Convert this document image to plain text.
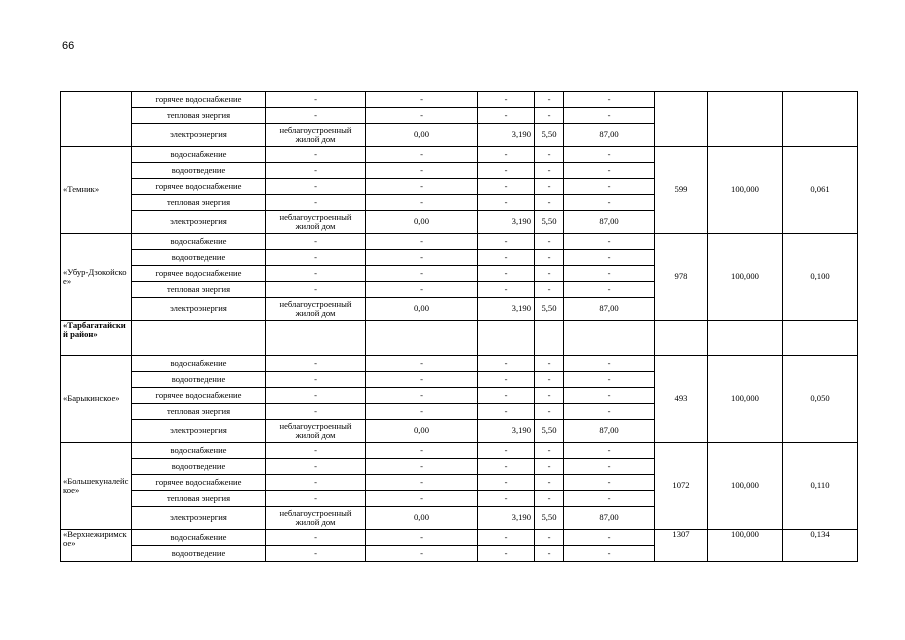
66
	горячее водоснабжение	-	-	-	-	-			
	тепловая энергия	-	-	-	-	-			
	электроэнергия	неблагоустроенный жилой дом	0,00	3,190	5,50	87,00			
«Темник»	водоснабжение	-	-	-	-	-	599	100,000	0,061
	водоотведение	-	-	-	-	-			
	горячее водоснабжение	-	-	-	-	-			
	тепловая энергия	-	-	-	-	-			
	электроэнергия	неблагоустроенный жилой дом	0,00	3,190	5,50	87,00			
«Убур-Дзокойское»	водоснабжение	-	-	-	-	-	978	100,000	0,100
	водоотведение	-	-	-	-	-			
	горячее водоснабжение	-	-	-	-	-			
	тепловая энергия	-	-	-	-	-			
	электроэнергия	неблагоустроенный жилой дом	0,00	3,190	5,50	87,00			
«Тарбагатайский район»									
«Барыкинское»	водоснабжение	-	-	-	-	-	493	100,000	0,050
	водоотведение	-	-	-	-	-			
	горячее водоснабжение	-	-	-	-	-			
	тепловая энергия	-	-	-	-	-			
	электроэнергия	неблагоустроенный жилой дом	0,00	3,190	5,50	87,00			
«Большекуналейское»	водоснабжение	-	-	-	-	-	1072	100,000	0,110
	водоотведение	-	-	-	-	-			
	горячее водоснабжение	-	-	-	-	-			
	тепловая энергия	-	-	-	-	-			
	электроэнергия	неблагоустроенный жилой дом	0,00	3,190	5,50	87,00			
«Верхнежиримское»	водоснабжение	-	-	-	-	-	1307	100,000	0,134
	водоотведение	-	-	-	-	-			
